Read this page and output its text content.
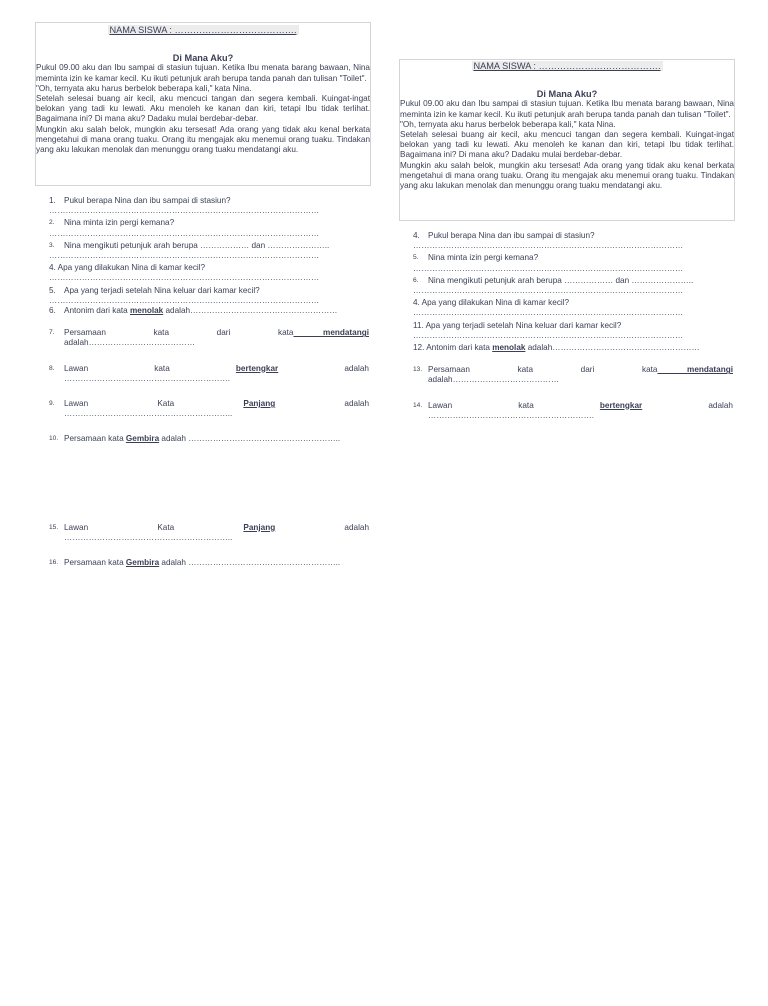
NAMA SISWA : ………………………………….
Di Mana Aku?

Pukul 09.00 aku dan Ibu sampai di stasiun tujuan. Ketika Ibu menata barang bawaan, Nina meminta izin ke kamar kecil. Ku ikuti petunjuk arah berupa tanda panah dan tulisan "Toilet".

"Oh, ternyata aku harus berbelok beberapa kali," kata Nina.

Setelah selesai buang air kecil, aku mencuci tangan dan segera kembali. Kuingat-ingat belokan yang tadi ku lewati. Aku menoleh ke kanan dan kiri, tetapi Ibu tidak terlihat. Bagaimana ini? Di mana aku? Dadaku mulai berdebar-debar.

Mungkin aku salah belok, mungkin aku tersesat! Ada orang yang tidak aku kenal berkata mengetahui di mana orang tuaku. Orang itu mengajak aku menemui orang tuaku. Tindakan yang aku lakukan menolak dan menunggu orang tuaku mendatangi aku.

1. Pukul berapa Nina dan ibu sampai di stasiun?
………………………………………………………………………………………
2. Nina minta izin pergi kemana?
………………………………………………………………………………………
3. Nina mengikuti petunjuk arah berupa ……………… dan …………………..
………………………………………………………………………………………
4. Apa yang dilakukan Nina di kamar kecil?
………………………………………………………………………………………
5. Apa yang terjadi setelah Nina keluar dari kamar kecil?
………………………………………………………………………………………
6. Antonim dari kata menolak adalah………………………………………………
7. Persamaan	kata	dari	kata	mendatangi
adalah…………………………………
8. Lawan	kata	bertengkar	adalah
…………………………………………………….
9. Lawan	Kata	Panjang	adalah
……………………………………………………..
10. Persamaan kata Gembira adalah ………………………………………………..
15. Lawan	Kata	Panjang	adalah
……………………………………………………..
16. Persamaan kata Gembira adalah ………………………………………………..
NAMA SISWA : ………………………………….
Di Mana Aku?

Pukul 09.00 aku dan Ibu sampai di stasiun tujuan. Ketika Ibu menata barang bawaan, Nina meminta izin ke kamar kecil. Ku ikuti petunjuk arah berupa tanda panah dan tulisan "Toilet".

"Oh, ternyata aku harus berbelok beberapa kali," kata Nina.

Setelah selesai buang air kecil, aku mencuci tangan dan segera kembali. Kuingat-ingat belokan yang tadi ku lewati. Aku menoleh ke kanan dan kiri, tetapi Ibu tidak terlihat. Bagaimana ini? Di mana aku? Dadaku mulai berdebar-debar.

Mungkin aku salah belok, mungkin aku tersesat! Ada orang yang tidak aku kenal berkata mengetahui di mana orang tuaku. Orang itu mengajak aku menemui orang tuaku. Tindakan yang aku lakukan menolak dan menunggu orang tuaku mendatangi aku.

4. Pukul berapa Nina dan ibu sampai di stasiun?
………………………………………………………………………………………
5. Nina minta izin pergi kemana?
………………………………………………………………………………………
6. Nina mengikuti petunjuk arah berupa ……………… dan …………………..
………………………………………………………………………………………
4. Apa yang dilakukan Nina di kamar kecil?
………………………………………………………………………………………
11. Apa yang terjadi setelah Nina keluar dari kamar kecil?
………………………………………………………………………………………
12. Antonim dari kata menolak adalah………………………………………………
13. Persamaan	kata	dari	kata	mendatangi
adalah…………………………………
14. Lawan	kata	bertengkar	adalah
…………………………………………………….
